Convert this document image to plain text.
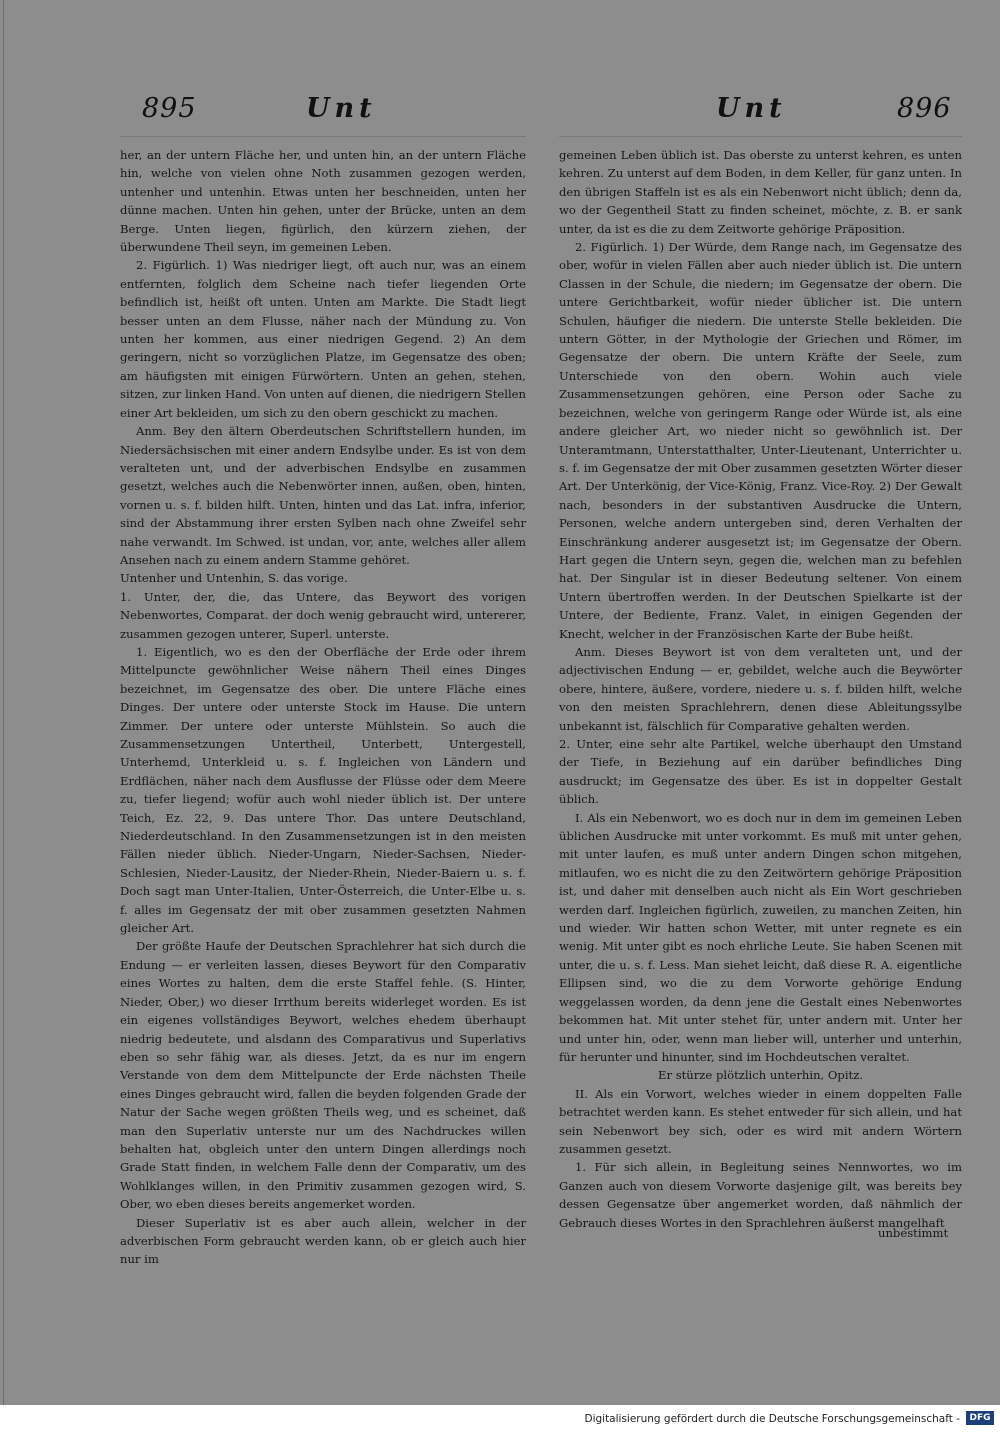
895	Unt	Unt	896

her, an der untern Fläche her, und unten hin, an der untern Fläche hin, welche von vielen ohne Noth zusammen gezogen werden, untenher und untenhin. Etwas unten her beschneiden, unten her dünne machen. Unten hin gehen, unter der Brücke, unten an dem Berge. Unten liegen, figürlich, den kürzern ziehen, der überwundene Theil seyn, im gemeinen Leben.

2. Figürlich. 1) Was niedriger liegt, oft auch nur, was an einem entfernten, folglich dem Scheine nach tiefer liegenden Orte befindlich ist, heißt oft unten. Unten am Markte. Die Stadt liegt besser unten an dem Flusse, näher nach der Mündung zu. Von unten her kommen, aus einer niedrigen Gegend. 2) An dem geringern, nicht so vorzüglichen Platze, im Gegensatze des oben; am häufigsten mit einigen Fürwörtern. Unten an gehen, stehen, sitzen, zur linken Hand. Von unten auf dienen, die niedrigern Stellen einer Art bekleiden, um sich zu den obern geschickt zu machen.

Anm. Bey den ältern Oberdeutschen Schriftstellern hunden, im Niedersächsischen mit einer andern Endsylbe under. Es ist von dem veralteten unt, und der adverbischen Endsylbe en zusammen gesetzt, welches auch die Nebenwörter innen, außen, oben, hinten, vornen u. s. f. bilden hilft. Unten, hinten und das Lat. infra, inferior, sind der Abstammung ihrer ersten Sylben nach ohne Zweifel sehr nahe verwandt. Im Schwed. ist undan, vor, ante, welches aller allem Ansehen nach zu einem andern Stamme gehöret.

Untenher und Untenhin, S. das vorige.

1. Unter, der, die, das Untere, das Beywort des vorigen Nebenwortes, Comparat. der doch wenig gebraucht wird, untererer, zusammen gezogen unterer, Superl. unterste.

1. Eigentlich, wo es den der Oberfläche der Erde oder ihrem Mittelpuncte gewöhnlicher Weise nähern Theil eines Dinges bezeichnet, im Gegensatze des ober. Die untere Fläche eines Dinges. Der untere oder unterste Stock im Hause. Die untern Zimmer. Der untere oder unterste Mühlstein. So auch die Zusammensetzungen Untertheil, Unterbett, Untergestell, Unterhemd, Unterkleid u. s. f. Ingleichen von Ländern und Erdflächen, näher nach dem Ausflusse der Flüsse oder dem Meere zu, tiefer liegend; wofür auch wohl nieder üblich ist. Der untere Teich, Ez. 22, 9. Das untere Thor. Das untere Deutschland, Niederdeutschland. In den Zusammensetzungen ist in den meisten Fällen nieder üblich. Nieder-Ungarn, Nieder-Sachsen, Nieder-Schlesien, Nieder-Lausitz, der Nieder-Rhein, Nieder-Baiern u. s. f. Doch sagt man Unter-Italien, Unter-Österreich, die Unter-Elbe u. s. f. alles im Gegensatz der mit ober zusammen gesetzten Nahmen gleicher Art.

Der größte Haufe der Deutschen Sprachlehrer hat sich durch die Endung — er verleiten lassen, dieses Beywort für den Comparativ eines Wortes zu halten, dem die erste Staffel fehle. (S. Hinter, Nieder, Ober,) wo dieser Irrthum bereits widerleget worden. Es ist ein eigenes vollständiges Beywort, welches ehedem überhaupt niedrig bedeutete, und alsdann des Comparativus und Superlativs eben so sehr fähig war, als dieses. Jetzt, da es nur im engern Verstande von dem dem Mittelpuncte der Erde nächsten Theile eines Dinges gebraucht wird, fallen die beyden folgenden Grade der Natur der Sache wegen größten Theils weg, und es scheinet, daß man den Superlativ unterste nur um des Nachdruckes willen behalten hat, obgleich unter den untern Dingen allerdings noch Grade Statt finden, in welchem Falle denn der Comparativ, um des Wohlklanges willen, in den Primitiv zusammen gezogen wird, S. Ober, wo eben dieses bereits angemerket worden.

Dieser Superlativ ist es aber auch allein, welcher in der adverbischen Form gebraucht werden kann, ob er gleich auch hier nur im

gemeinen Leben üblich ist. Das oberste zu unterst kehren, es unten kehren. Zu unterst auf dem Boden, in dem Keller, für ganz unten. In den übrigen Staffeln ist es als ein Nebenwort nicht üblich; denn da, wo der Gegentheil Statt zu finden scheinet, möchte, z. B. er sank unter, da ist es die zu dem Zeitworte gehörige Präposition.

2. Figürlich. 1) Der Würde, dem Range nach, im Gegensatze des ober, wofür in vielen Fällen aber auch nieder üblich ist. Die untern Classen in der Schule, die niedern; im Gegensatze der obern. Die untere Gerichtbarkeit, wofür nieder üblicher ist. Die untern Schulen, häufiger die niedern. Die unterste Stelle bekleiden. Die untern Götter, in der Mythologie der Griechen und Römer, im Gegensatze der obern. Die untern Kräfte der Seele, zum Unterschiede von den obern. Wohin auch viele Zusammensetzungen gehören, eine Person oder Sache zu bezeichnen, welche von geringerm Range oder Würde ist, als eine andere gleicher Art, wo nieder nicht so gewöhnlich ist. Der Unteramtmann, Unterstatthalter, Unter-Lieutenant, Unterrichter u. s. f. im Gegensatze der mit Ober zusammen gesetzten Wörter dieser Art. Der Unterkönig, der Vice-König, Franz. Vice-Roy. 2) Der Gewalt nach, besonders in der substantiven Ausdrucke die Untern, Personen, welche andern untergeben sind, deren Verhalten der Einschränkung anderer ausgesetzt ist; im Gegensatze der Obern. Hart gegen die Untern seyn, gegen die, welchen man zu befehlen hat. Der Singular ist in dieser Bedeutung seltener. Von einem Untern übertroffen werden. In der Deutschen Spielkarte ist der Untere, der Bediente, Franz. Valet, in einigen Gegenden der Knecht, welcher in der Französischen Karte der Bube heißt.

Anm. Dieses Beywort ist von dem veralteten unt, und der adjectivischen Endung — er, gebildet, welche auch die Beywörter obere, hintere, äußere, vordere, niedere u. s. f. bilden hilft, welche von den meisten Sprachlehrern, denen diese Ableitungssylbe unbekannt ist, fälschlich für Comparative gehalten werden.

2. Unter, eine sehr alte Partikel, welche überhaupt den Umstand der Tiefe, in Beziehung auf ein darüber befindliches Ding ausdruckt; im Gegensatze des über. Es ist in doppelter Gestalt üblich.

I. Als ein Nebenwort, wo es doch nur in dem im gemeinen Leben üblichen Ausdrucke mit unter vorkommt. Es muß mit unter gehen, mit unter laufen, es muß unter andern Dingen schon mitgehen, mitlaufen, wo es nicht die zu den Zeitwörtern gehörige Präposition ist, und daher mit denselben auch nicht als Ein Wort geschrieben werden darf. Ingleichen figürlich, zuweilen, zu manchen Zeiten, hin und wieder. Wir hatten schon Wetter, mit unter regnete es ein wenig. Mit unter gibt es noch ehrliche Leute. Sie haben Scenen mit unter, die u. s. f. Less. Man siehet leicht, daß diese R. A. eigentliche Ellipsen sind, wo die zu dem Vorworte gehörige Endung weggelassen worden, da denn jene die Gestalt eines Nebenwortes bekommen hat. Mit unter stehet für, unter andern mit. Unter her und unter hin, oder, wenn man lieber will, unterher und unterhin, für herunter und hinunter, sind im Hochdeutschen veraltet.

Er stürze plötzlich unterhin, Opitz.

II. Als ein Vorwort, welches wieder in einem doppelten Falle betrachtet werden kann. Es stehet entweder für sich allein, und hat sein Nebenwort bey sich, oder es wird mit andern Wörtern zusammen gesetzt.

1. Für sich allein, in Begleitung seines Nennwortes, wo im Ganzen auch von diesem Vorworte dasjenige gilt, was bereits bey dessen Gegensatze über angemerket worden, daß nähmlich der Gebrauch dieses Wortes in den Sprachlehren äußerst mangelhaft

unbestimmt
Digitalisierung gefördert durch die Deutsche Forschungsgemeinschaft -	DFG
